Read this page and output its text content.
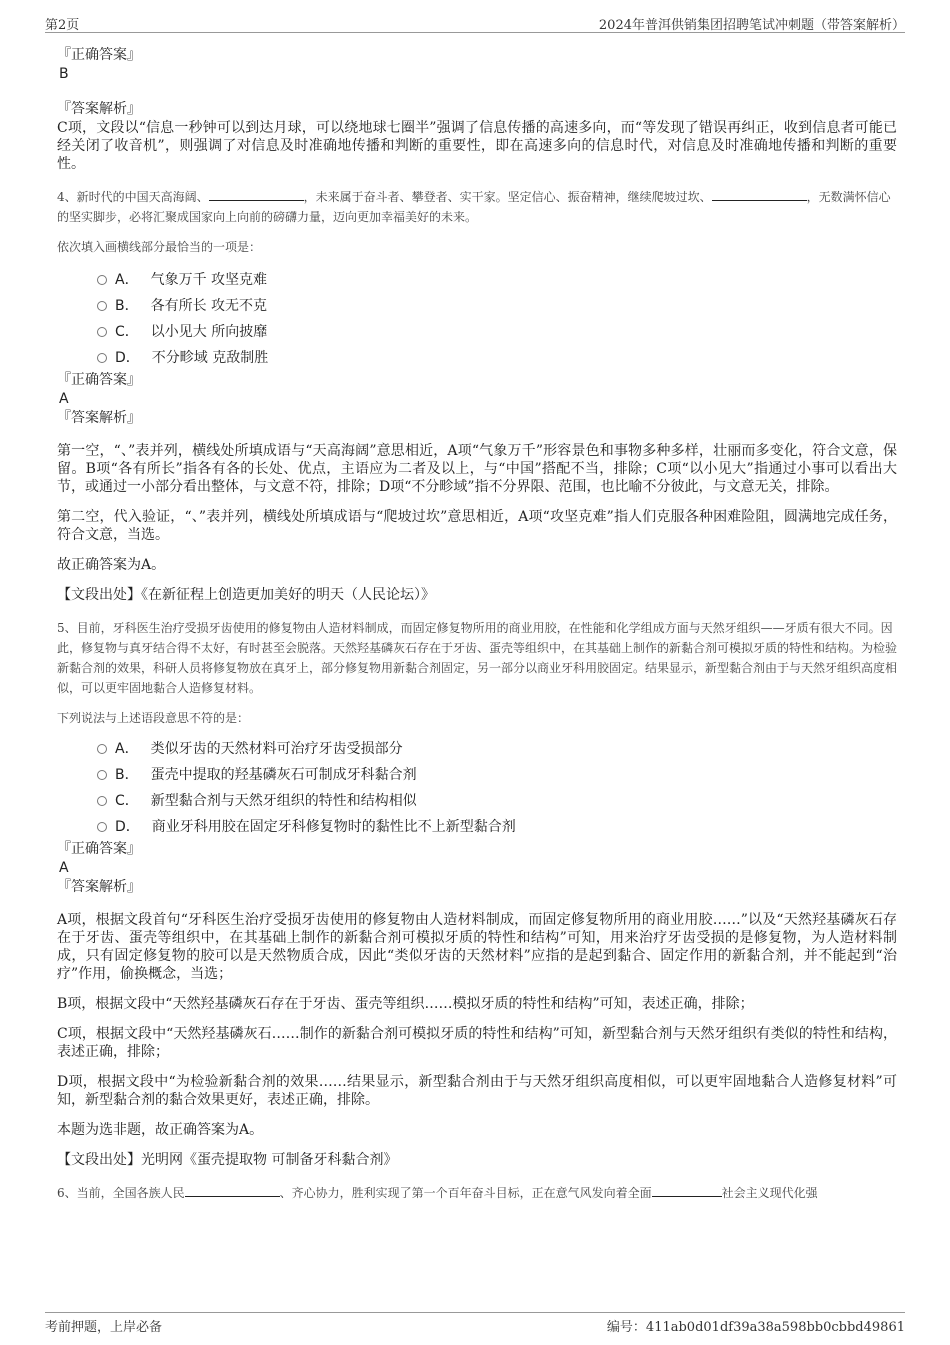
第2页	2024年普洱供销集团招聘笔试冲刺题（带答案解析）

『正确答案』

B

『答案解析』

C项，文段以“信息一秒钟可以到达月球，可以绕地球七圈半”强调了信息传播的高速多向，而“等发现了错误再纠正，收到信息者可能已经关闭了收音机”，则强调了对信息及时准确地传播和判断的重要性，即在高速多向的信息时代，对信息及时准确地传播和判断的重要性。

4、新时代的中国天高海阔、	，未来属于奋斗者、攀登者、实干家。坚定信心、振奋精神，继续爬坡过坎、	，无数满怀信心的坚实脚步，必将汇聚成国家向上向前的磅礴力量，迈向更加幸福美好的未来。

依次填入画横线部分最恰当的一项是：

A． 气象万千 攻坚克难
B． 各有所长 攻无不克
C． 以小见大 所向披靡
D． 不分畛域 克敌制胜

『正确答案』

A

『答案解析』

第一空，“、”表并列，横线处所填成语与“天高海阔”意思相近，A项“气象万千”形容景色和事物多种多样，壮丽而多变化，符合文意，保留。B项“各有所长”指各有各的长处、优点，主语应为二者及以上，与“中国”搭配不当，排除；C项“以小见大”指通过小事可以看出大节，或通过一小部分看出整体，与文意不符，排除；D项“不分畛域”指不分界限、范围，也比喻不分彼此，与文意无关，排除。

第二空，代入验证，“、”表并列，横线处所填成语与“爬坡过坎”意思相近，A项“攻坚克难”指人们克服各种困难险阻，圆满地完成任务，符合文意，当选。

故正确答案为A。

【文段出处】《在新征程上创造更加美好的明天（人民论坛）》

5、目前，牙科医生治疗受损牙齿使用的修复物由人造材料制成，而固定修复物所用的商业用胶，在性能和化学组成方面与天然牙组织——牙质有很大不同。因此，修复物与真牙结合得不太好，有时甚至会脱落。天然羟基磷灰石存在于牙齿、蛋壳等组织中，在其基础上制作的新黏合剂可模拟牙质的特性和结构。为检验新黏合剂的效果，科研人员将修复物放在真牙上，部分修复物用新黏合剂固定，另一部分以商业牙科用胶固定。结果显示，新型黏合剂由于与天然牙组织高度相似，可以更牢固地黏合人造修复材料。

下列说法与上述语段意思不符的是：

A． 类似牙齿的天然材料可治疗牙齿受损部分
B． 蛋壳中提取的羟基磷灰石可制成牙科黏合剂
C． 新型黏合剂与天然牙组织的特性和结构相似
D． 商业牙科用胶在固定牙科修复物时的黏性比不上新型黏合剂

『正确答案』

A

『答案解析』

A项，根据文段首句“牙科医生治疗受损牙齿使用的修复物由人造材料制成，而固定修复物所用的商业用胶……”以及“天然羟基磷灰石存在于牙齿、蛋壳等组织中，在其基础上制作的新黏合剂可模拟牙质的特性和结构”可知，用来治疗牙齿受损的是修复物，为人造材料制成，只有固定修复物的胶可以是天然物质合成，因此“类似牙齿的天然材料”应指的是起到黏合、固定作用的新黏合剂，并不能起到“治疗”作用，偷换概念，当选；

B项，根据文段中“天然羟基磷灰石存在于牙齿、蛋壳等组织……模拟牙质的特性和结构”可知，表述正确，排除；

C项，根据文段中“天然羟基磷灰石……制作的新黏合剂可模拟牙质的特性和结构”可知，新型黏合剂与天然牙组织有类似的特性和结构，表述正确，排除；

D项，根据文段中“为检验新黏合剂的效果……结果显示，新型黏合剂由于与天然牙组织高度相似，可以更牢固地黏合人造修复材料”可知，新型黏合剂的黏合效果更好，表述正确，排除。

本题为选非题，故正确答案为A。

【文段出处】光明网《蛋壳提取物 可制备牙科黏合剂》

6、当前，全国各族人民	、齐心协力，胜利实现了第一个百年奋斗目标，正在意气风发向着全面	社会主义现代化强

考前押题，上岸必备	编号：411ab0d01df39a38a598bb0cbbd49861
